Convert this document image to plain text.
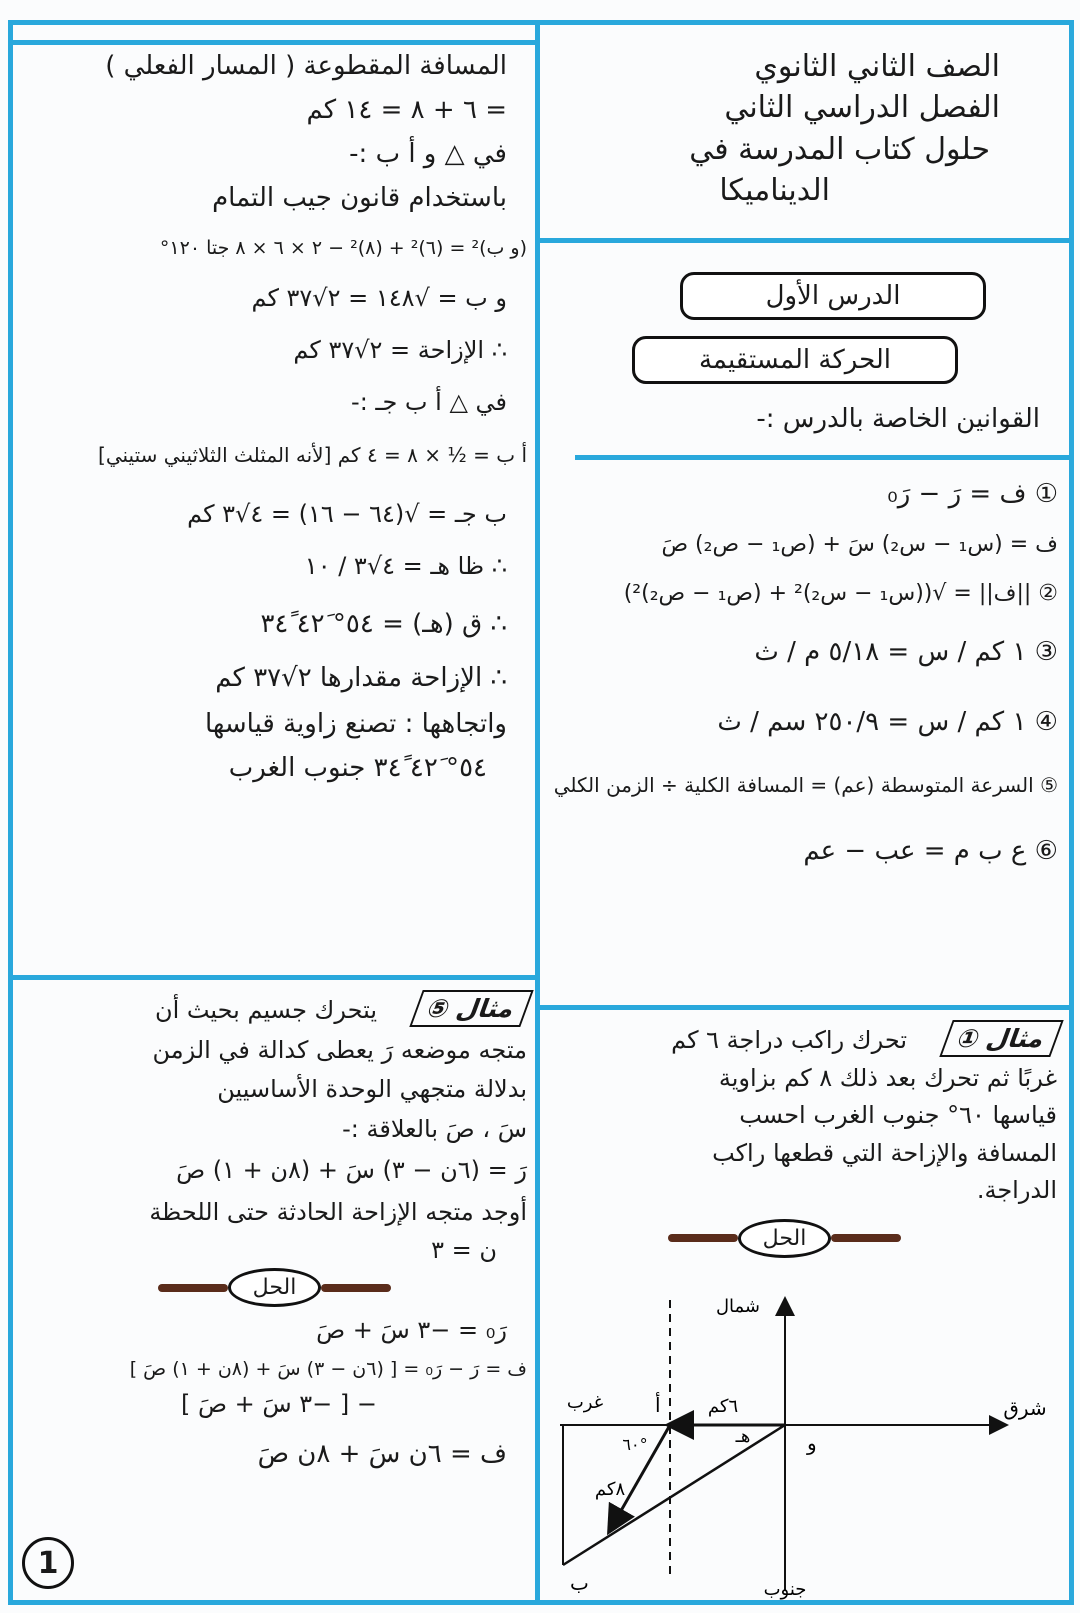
الصف الثاني الثانوي

الفصل الدراسي الثاني

حلول كتاب المدرسة في

الديناميكا

الدرس الأول
الحركة المستقيمة

القوانين الخاصة بالدرس :-

① ف = رَ − رَ₀

ف = (س₁ − س₂) سَ + (ص₁ − ص₂) صَ

② ||ف|| = √((س₁ − س₂)² + (ص₁ − ص₂)²)

③ ١ كم / س = ٥/١٨ م / ث

④ ١ كم / س = ٢٥٠/٩ سم / ث

⑤ السرعة المتوسطة (عم) = المسافة الكلية ÷ الزمن الكلي

⑥ ع ب م = عب − عم

مثال ①

تحرك راكب دراجة ٦ كم

غربًا ثم تحرك بعد ذلك ٨ كم بزاوية

قياسها ٦٠° جنوب الغرب احسب

المسافة والإزاحة التي قطعها راكب

الدراجة.

الحل
شمال
جنوب
شرق
غرب
و
أ
ب
٦كم
٨كم
٦٠°	هـ

المسافة المقطوعة ( المسار الفعلي )

= ٦ + ٨ = ١٤ كم

في △ و أ ب :-

باستخدام قانون جيب التمام

(و ب)² = (٦)² + (٨)² − ٢ × ٦ × ٨ جتا ١٢٠°

و ب = √١٤٨ = ٢√٣٧ كم

∴ الإزاحة = ٢√٣٧ كم

في △ أ ب جـ :-

أ ب = ½ × ٨ = ٤ كم [لأنه المثلث الثلاثيني ستيني]

ب جـ = √(٦٤ − ١٦) = ٤√٣ كم

∴ ظا هـ = ٤√٣ / ١٠

∴ ق (هـ) = ٥٤° ٤٢َ ٣٤ً

∴ الإزاحة مقدارها ٢√٣٧ كم

واتجاهها : تصنع زاوية قياسها

٥٤° ٤٢َ ٣٤ً جنوب الغرب

مثال ⑤

يتحرك جسيم بحيث أن

متجه موضعه رَ يعطى كدالة في الزمن

بدلالة متجهي الوحدة الأساسيين

سَ ، صَ بالعلاقة :-

رَ = (٦ن − ٣) سَ + (٨ن + ١) صَ

أوجد متجه الإزاحة الحادثة حتى اللحظة

ن = ٣

الحل

رَ₀ = −٣ سَ + صَ

ف = رَ − رَ₀ = [ (٦ن − ٣) سَ + (٨ن + ١) صَ ]

− [ −٣ سَ + صَ ]

ف = ٦ن سَ + ٨ن صَ

1
